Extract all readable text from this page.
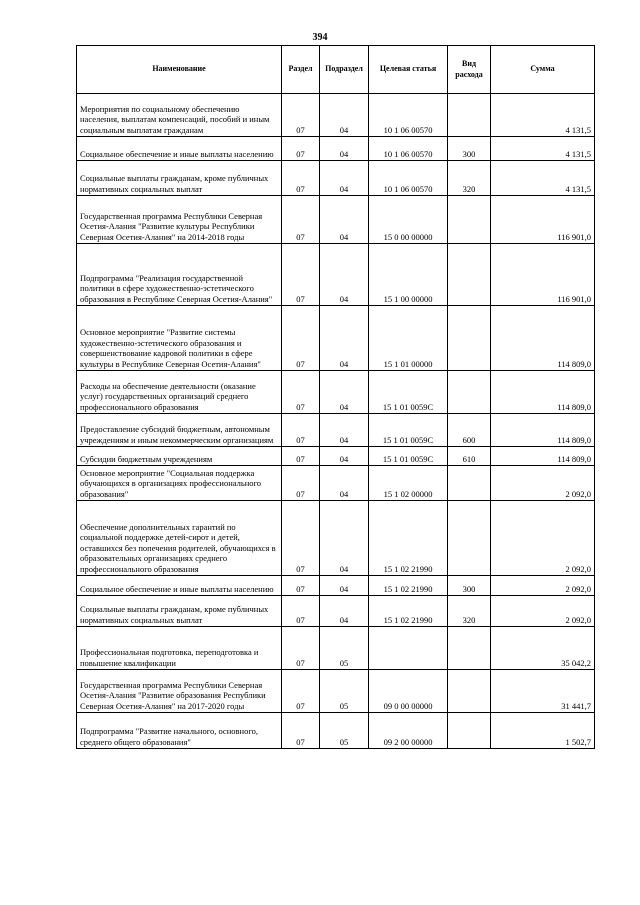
394
Наименование	Раздел	Подраздел	Целевая статья	Вид расхода	Сумма
Мероприятия по социальному обеспечению населения, выплатам компенсаций, пособий и иным социальным выплатам гражданам	07	04	10 1 06 00570		4 131,5
Социальное обеспечение и иные выплаты населению	07	04	10 1 06 00570	300	4 131,5
Социальные выплаты гражданам, кроме публичных нормативных социальных выплат	07	04	10 1 06 00570	320	4 131,5
Государственная программа Республики Северная Осетия-Алания "Развитие культуры Республики Северная Осетия-Алания" на 2014-2018 годы	07	04	15 0 00 00000		116 901,0
Подпрограмма "Реализация государственной политики в сфере художественно-эстетического образования в Республике Северная Осетия-Алания"	07	04	15 1 00 00000		116 901,0
Основное мероприятие "Развитие системы художественно-эстетического образования и совершенствование кадровой политики в сфере культуры в Республике Северная Осетия-Алания"	07	04	15 1 01 00000		114 809,0
Расходы на обеспечение деятельности (оказание услуг) государственных организаций среднего профессионального образования	07	04	15 1 01 0059С		114 809,0
Предоставление субсидий бюджетным, автономным учреждениям и иным некоммерческим организациям	07	04	15 1 01 0059С	600	114 809,0
Субсидии бюджетным учреждениям	07	04	15 1 01 0059С	610	114 809,0
Основное мероприятие "Социальная поддержка обучающихся в организациях профессионального образования"	07	04	15 1 02 00000		2 092,0
Обеспечение дополнительных гарантий по социальной поддержке детей-сирот и детей, оставшихся без попечения родителей, обучающихся в образовательных организациях среднего профессионального образования	07	04	15 1 02 21990		2 092,0
Социальное обеспечение и иные выплаты населению	07	04	15 1 02 21990	300	2 092,0
Социальные выплаты гражданам, кроме публичных нормативных социальных выплат	07	04	15 1 02 21990	320	2 092,0
Профессиональная подготовка, переподготовка и повышение квалификации	07	05			35 042,2
Государственная программа Республики Северная Осетия-Алания "Развитие образования Республики Северная Осетия-Алания" на 2017-2020 годы	07	05	09 0 00 00000		31 441,7
Подпрограмма "Развитие начального, основного, среднего общего образования"	07	05	09 2 00 00000		1 502,7
